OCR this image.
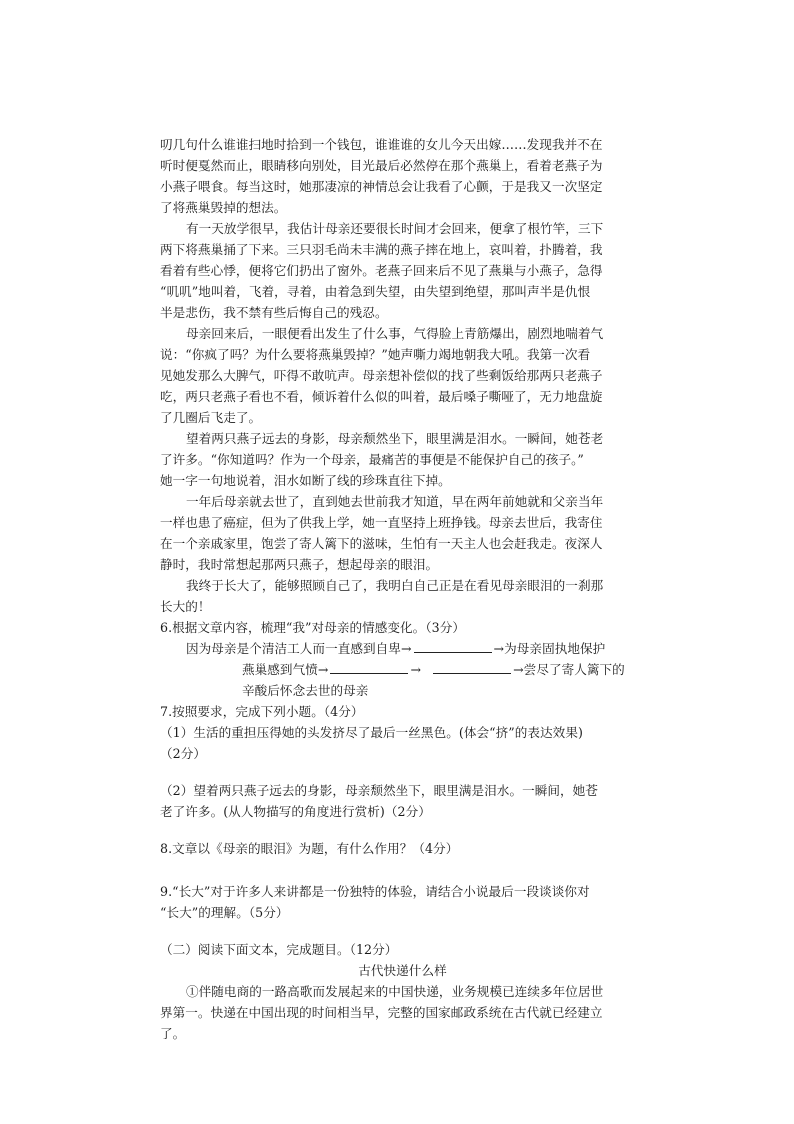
叨几句什么谁谁扫地时拾到一个钱包，谁谁谁的女儿今天出嫁……发现我并不在
听时便戛然而止，眼睛移向别处，目光最后必然停在那个燕巢上，看着老燕子为
小燕子喂食。每当这时，她那凄凉的神情总会让我看了心颤，于是我又一次坚定
了将燕巢毁掉的想法。
有一天放学很早，我估计母亲还要很长时间才会回来，便拿了根竹竿，三下
两下将燕巢捅了下来。三只羽毛尚未丰满的燕子摔在地上，哀叫着，扑腾着，我
看着有些心悸，便将它们扔出了窗外。老燕子回来后不见了燕巢与小燕子，急得
“叽叽”地叫着，飞着，寻着，由着急到失望，由失望到绝望，那叫声半是仇恨
半是悲伤，我不禁有些后悔自己的残忍。
母亲回来后，一眼便看出发生了什么事，气得脸上青筋爆出，剧烈地喘着气
说：“你疯了吗？为什么要将燕巢毁掉？”她声嘶力竭地朝我大吼。我第一次看
见她发那么大脾气，吓得不敢吭声。母亲想补偿似的找了些剩饭给那两只老燕子
吃，两只老燕子看也不看，倾诉着什么似的叫着，最后嗓子嘶哑了，无力地盘旋
了几圈后飞走了。
望着两只燕子远去的身影，母亲颓然坐下，眼里满是泪水。一瞬间，她苍老
了许多。“你知道吗？作为一个母亲，最痛苦的事便是不能保护自己的孩子。”
她一字一句地说着，泪水如断了线的珍珠直往下掉。
一年后母亲就去世了，直到她去世前我才知道，早在两年前她就和父亲当年
一样也患了癌症，但为了供我上学，她一直坚持上班挣钱。母亲去世后，我寄住
在一个亲戚家里，饱尝了寄人篱下的滋味，生怕有一天主人也会赶我走。夜深人
静时，我时常想起那两只燕子，想起母亲的眼泪。
我终于长大了，能够照顾自己了，我明白自己正是在看见母亲眼泪的一刹那
长大的！
6.根据文章内容，梳理“我”对母亲的情感变化。（3分）
因为母亲是个清洁工人而一直感到自卑→	→为母亲固执地保护
燕巢感到气愤→	→	→尝尽了寄人篱下的
辛酸后怀念去世的母亲
7.按照要求，完成下列小题。（4分）
（1）生活的重担压得她的头发挤尽了最后一丝黑色。(体会“挤”的表达效果)
（2分）
（2）望着两只燕子远去的身影，母亲颓然坐下，眼里满是泪水。一瞬间，她苍
老了许多。(从人物描写的角度进行赏析)（2分）
8.文章以《母亲的眼泪》为题，有什么作用？（4分）
9.“长大”对于许多人来讲都是一份独特的体验，请结合小说最后一段谈谈你对
“长大”的理解。（5分）
（二）阅读下面文本，完成题目。（12分）
古代快递什么样
①伴随电商的一路高歌而发展起来的中国快递，业务规模已连续多年位居世
界第一。快递在中国出现的时间相当早，完整的国家邮政系统在古代就已经建立
了。
